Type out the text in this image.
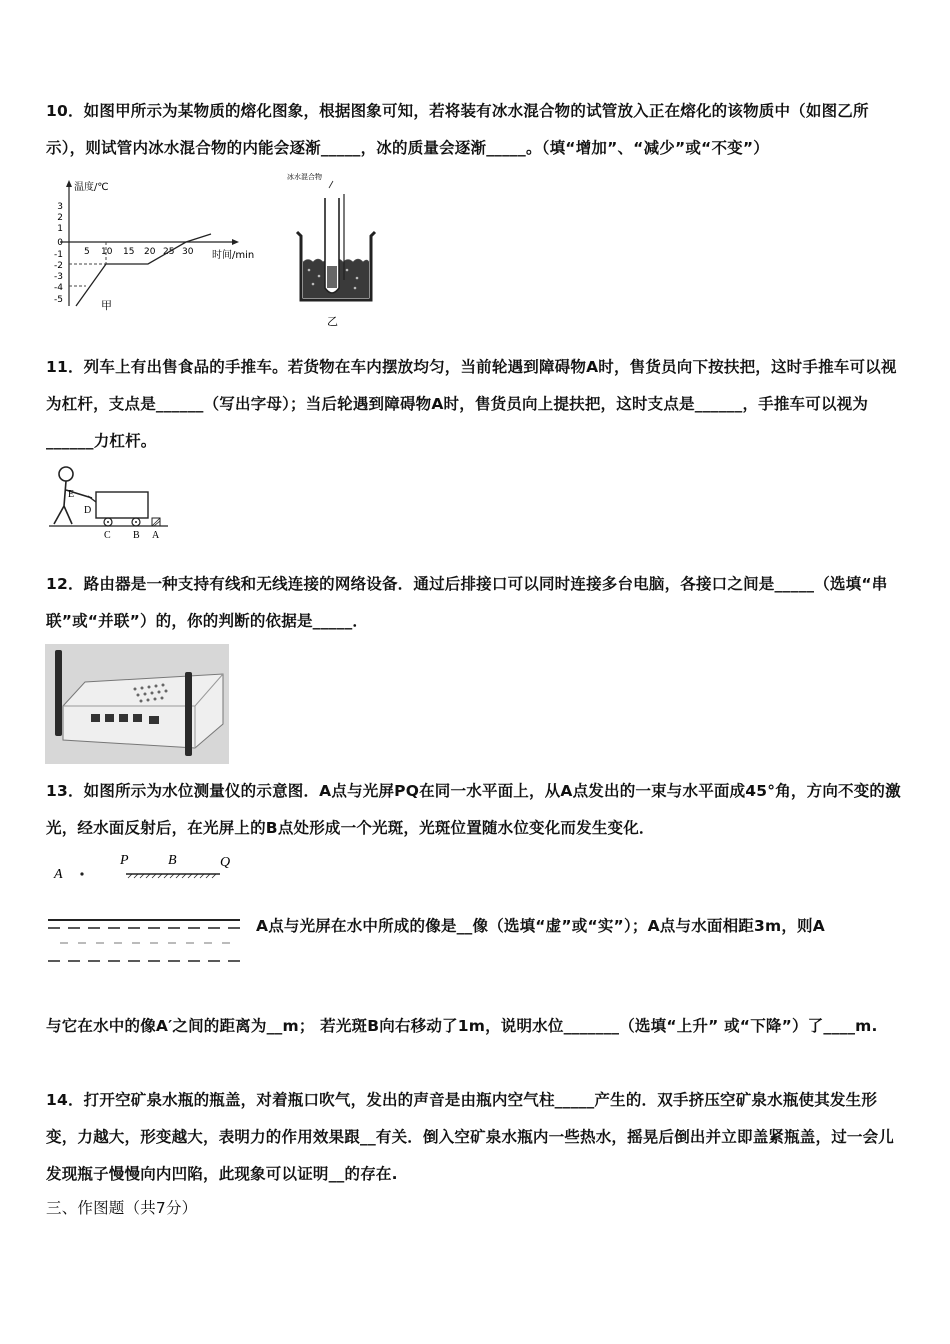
10．如图甲所示为某物质的熔化图象，根据图象可知，若将装有冰水混合物的试管放入正在熔化的该物质中（如图乙所示），则试管内冰水混合物的内能会逐渐_____，冰的质量会逐渐_____。（填“增加”、“减少”或“不变”）

温度/℃
时间/min
3
2
1
0
-1
-2
-3
-4
-5
5 10 15 20 25 30
甲
冰水混合物
乙

11．列车上有出售食品的手推车。若货物在车内摆放均匀，当前轮遇到障碍物A时，售货员向下按扶把，这时手推车可以视为杠杆，支点是______（写出字母）；当后轮遇到障碍物A时，售货员向上提扶把，这时支点是______，手推车可以视为______力杠杆。

E
D
C B A

12．路由器是一种支持有线和无线连接的网络设备．通过后排接口可以同时连接多台电脑，各接口之间是_____（选填“串联”或“并联”）的，你的判断的依据是_____．

13．如图所示为水位测量仪的示意图．A点与光屏PQ在同一水平面上，从A点发出的一束与水平面成45°角，方向不变的激光，经水面反射后，在光屏上的B点处形成一个光斑，光斑位置随水位变化而发生变化．

A
P	B	Q

A点与光屏在水中所成的像是__像（选填“虚”或“实”）；A点与水面相距3m，则A

与它在水中的像A′之间的距离为__m； 若光斑B向右移动了1m，说明水位_______（选填“上升” 或“下降”）了____m.

14．打开空矿泉水瓶的瓶盖，对着瓶口吹气，发出的声音是由瓶内空气柱_____产生的．双手挤压空矿泉水瓶使其发生形变，力越大，形变越大，表明力的作用效果跟__有关．倒入空矿泉水瓶内一些热水，摇晃后倒出并立即盖紧瓶盖，过一会儿发现瓶子慢慢向内凹陷，此现象可以证明__的存在.

三、作图题（共7分）
